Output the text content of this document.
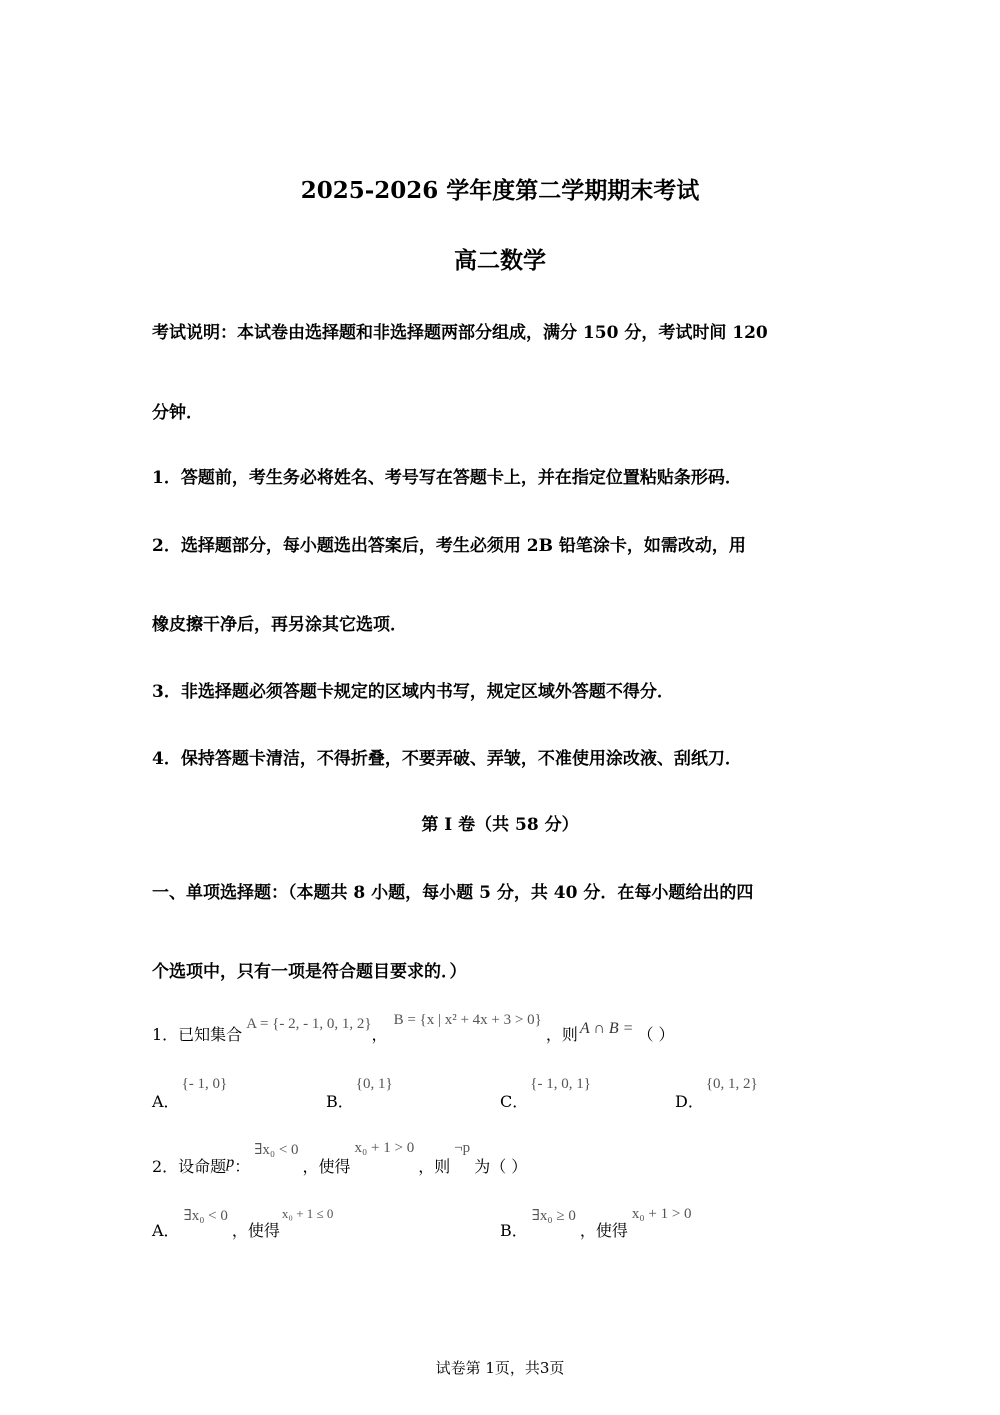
2025-2026 学年度第二学期期末考试
高二数学
考试说明：本试卷由选择题和非选择题两部分组成，满分 150 分，考试时间 120
分钟．
1．答题前，考生务必将姓名、考号写在答题卡上，并在指定位置粘贴条形码．
2．选择题部分，每小题选出答案后，考生必须用 2B 铅笔涂卡，如需改动，用
橡皮擦干净后，再另涂其它选项．
3．非选择题必须答题卡规定的区域内书写，规定区域外答题不得分．
4．保持答题卡清洁，不得折叠，不要弄破、弄皱，不准使用涂改液、刮纸刀．
第 I 卷（共 58 分）
一、单项选择题：（本题共 8 小题，每小题 5 分，共 40 分．在每小题给出的四
个选项中，只有一项是符合题目要求的．）
1．已知集合
A = {- 2, - 1, 0, 1, 2}
，
B = {x | x² + 4x + 3 > 0}
，则 A ∩ B = （ ）
A．
{- 1, 0}
B．
{0, 1}
C．
{- 1, 0, 1}
D．
{0, 1, 2}
2．设命题 p ：
∃x₀ < 0
，使得
x₀ + 1 > 0
，则
¬p
为（ ）
A．
∃x₀ < 0
，使得
x₀ + 1 ≤ 0
B．
∃x₀ ≥ 0
，使得
x₀ + 1 > 0
试卷第 1页，共3页
